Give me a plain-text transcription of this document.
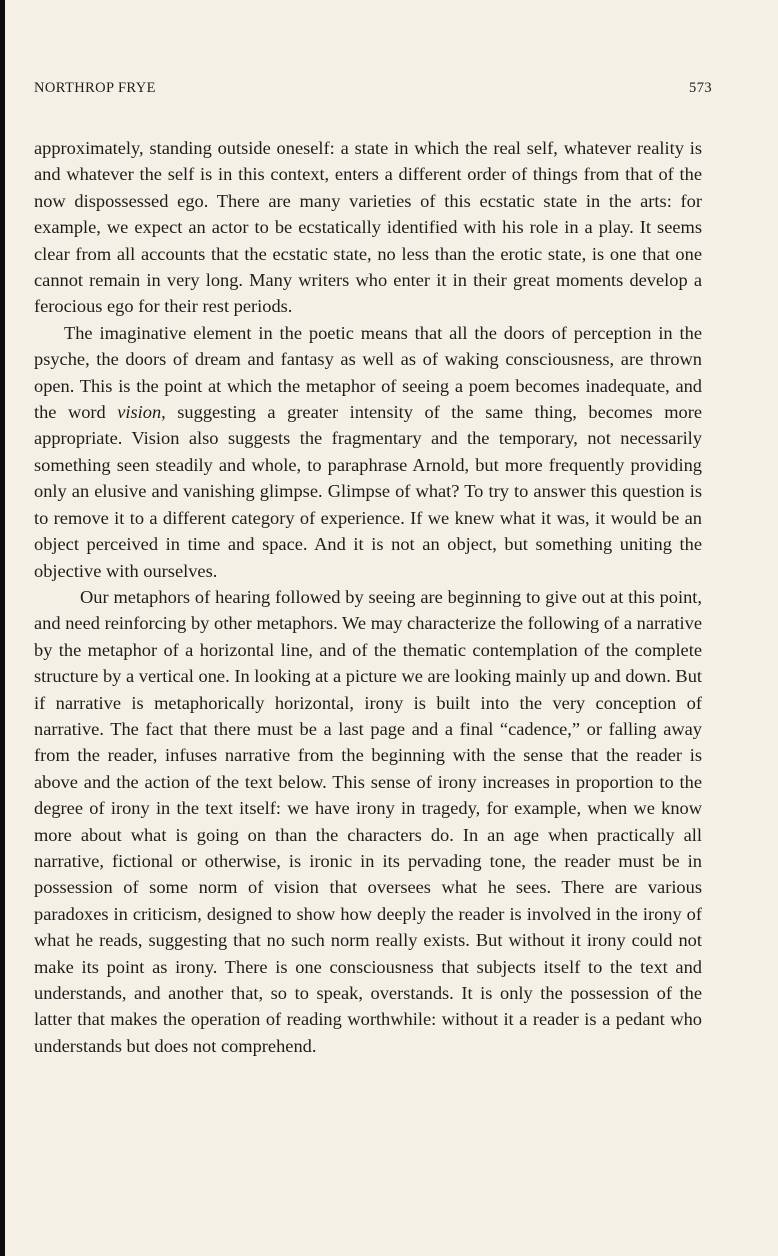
NORTHROP FRYE	573

approximately, standing outside oneself: a state in which the real self, whatever reality is and whatever the self is in this context, enters a different order of things from that of the now dispossessed ego. There are many varieties of this ecstatic state in the arts: for example, we expect an actor to be ecstatically identified with his role in a play. It seems clear from all accounts that the ecstatic state, no less than the erotic state, is one that one cannot remain in very long. Many writers who enter it in their great moments develop a ferocious ego for their rest periods.

The imaginative element in the poetic means that all the doors of perception in the psyche, the doors of dream and fantasy as well as of waking consciousness, are thrown open. This is the point at which the metaphor of seeing a poem becomes inadequate, and the word vision, suggesting a greater intensity of the same thing, becomes more appropriate. Vision also suggests the fragmentary and the temporary, not necessarily something seen steadily and whole, to paraphrase Arnold, but more frequently providing only an elusive and vanishing glimpse. Glimpse of what? To try to answer this question is to remove it to a different category of experience. If we knew what it was, it would be an object perceived in time and space. And it is not an object, but something uniting the objective with ourselves.

Our metaphors of hearing followed by seeing are beginning to give out at this point, and need reinforcing by other metaphors. We may characterize the following of a narrative by the metaphor of a horizontal line, and of the thematic contemplation of the complete structure by a vertical one. In looking at a picture we are looking mainly up and down. But if narrative is metaphorically horizontal, irony is built into the very conception of narrative. The fact that there must be a last page and a final “cadence,” or falling away from the reader, infuses narrative from the beginning with the sense that the reader is above and the action of the text below. This sense of irony increases in proportion to the degree of irony in the text itself: we have irony in tragedy, for example, when we know more about what is going on than the characters do. In an age when practically all narrative, fictional or otherwise, is ironic in its pervading tone, the reader must be in possession of some norm of vision that oversees what he sees. There are various paradoxes in criticism, designed to show how deeply the reader is involved in the irony of what he reads, suggesting that no such norm really exists. But without it irony could not make its point as irony. There is one consciousness that subjects itself to the text and understands, and another that, so to speak, overstands. It is only the possession of the latter that makes the operation of reading worthwhile: without it a reader is a pedant who understands but does not comprehend.
